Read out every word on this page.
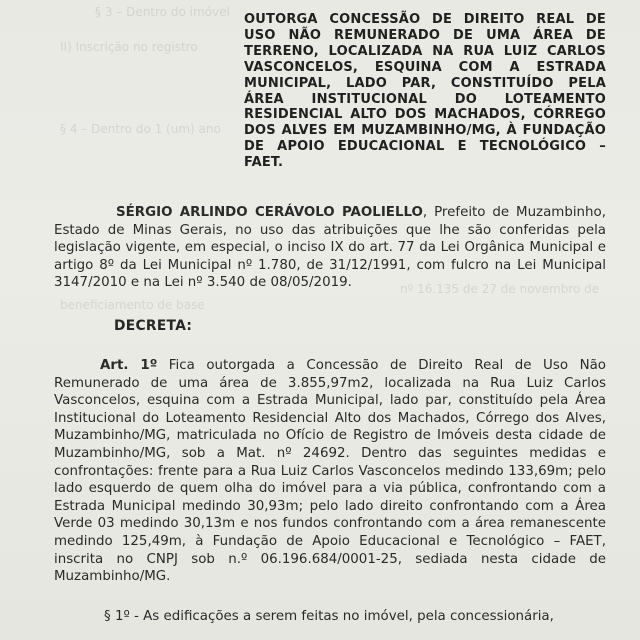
§ 3 – Dentro do imóvel
II) Inscrição no registro
§ 4 – Dentro do 1 (um) ano
nº 16.135 de 27 de novembro de
beneficiamento de base
OUTORGA CONCESSÃO DE DIREITO REAL DE USO NÃO REMUNERADO DE UMA ÁREA DE TERRENO, LOCALIZADA NA RUA LUIZ CARLOS VASCONCELOS, ESQUINA COM A ESTRADA MUNICIPAL, LADO PAR, CONSTITUÍDO PELA ÁREA INSTITUCIONAL DO LOTEAMENTO RESIDENCIAL ALTO DOS MACHADOS, CÓRREGO DOS ALVES EM MUZAMBINHO/MG, À FUNDAÇÃO DE APOIO EDUCACIONAL E TECNOLÓGICO – FAET.
SÉRGIO ARLINDO CERÁVOLO PAOLIELLO, Prefeito de Muzambinho, Estado de Minas Gerais, no uso das atribuições que lhe são conferidas pela legislação vigente, em especial, o inciso IX do art. 77 da Lei Orgânica Municipal e artigo 8º da Lei Municipal nº 1.780, de 31/12/1991, com fulcro na Lei Municipal 3147/2010 e na Lei nº 3.540 de 08/05/2019.
DECRETA:
Art. 1º Fica outorgada a Concessão de Direito Real de Uso Não Remunerado de uma área de 3.855,97m2, localizada na Rua Luiz Carlos Vasconcelos, esquina com a Estrada Municipal, lado par, constituído pela Área Institucional do Loteamento Residencial Alto dos Machados, Córrego dos Alves, Muzambinho/MG, matriculada no Ofício de Registro de Imóveis desta cidade de Muzambinho/MG, sob a Mat. nº 24692. Dentro das seguintes medidas e confrontações: frente para a Rua Luiz Carlos Vasconcelos medindo 133,69m; pelo lado esquerdo de quem olha do imóvel para a via pública, confrontando com a Estrada Municipal medindo 30,93m; pelo lado direito confrontando com a Área Verde 03 medindo 30,13m e nos fundos confrontando com a área remanescente medindo 125,49m, à Fundação de Apoio Educacional e Tecnológico – FAET, inscrita no CNPJ sob n.º 06.196.684/0001-25, sediada nesta cidade de Muzambinho/MG.
§ 1º - As edificações a serem feitas no imóvel, pela concessionária,
